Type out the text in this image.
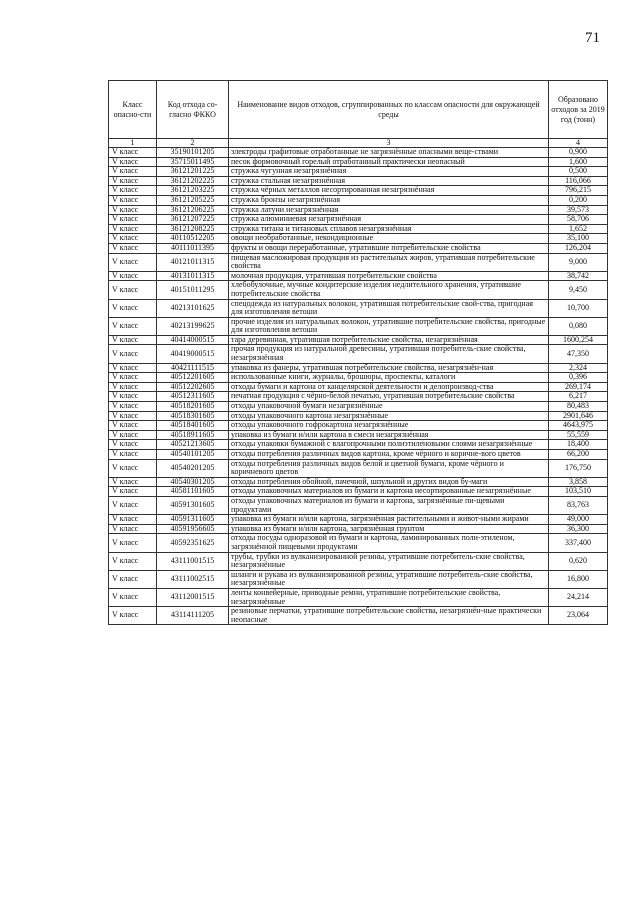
71
Класс опасно-сти	Код отхода со-гласно ФККО	Наименование видов отходов, сгруппированных по классам опасности для окружающей среды	Образовано отходов за 2019 год (тонн)
1	2	3	4
V класс	35190101205	электроды графитовые отработанные не загрязнённые опасными веще-ствами	0,900
V класс	35715011495	песок формовочный горелый отработанный практически неопасный	1,600
V класс	36121201225	стружка чугунная незагрязнённая	0,500
V класс	36121202225	стружка стальная незагрязнённая	116,066
V класс	36121203225	стружка чёрных металлов несортированная незагрязнённая	796,215
V класс	36121205225	стружка бронзы незагрязнённая	0,200
V класс	36121206225	стружка латуни незагрязнённая	39,573
V класс	36121207225	стружка алюминиевая незагрязнённая	58,706
V класс	36121208225	стружка титана и титановых сплавов незагрязнённая	1,652
V класс	40110512205	овощи необработанные, некондиционные	35,100
V класс	40111011395	фрукты и овощи переработанные, утратившие потребительские свойства	126,204
V класс	40121011315	пищевая масложировая продукция из растительных жиров, утратившая потребительские свойства	9,000
V класс	40131011315	молочная продукция, утратившая потребительские свойства	38,742
V класс	40151011295	хлебобулочные, мучные кондитерские изделия недлительного хранения, утратившие потребительские свойства	9,450
V класс	40213101625	спецодежда из натуральных волокон, утратившая потребительские свой-ства, пригодная для изготовления ветоши	10,700
V класс	40213199625	прочие изделия из натуральных волокон, утратившие потребительские свойства, пригодные для изготовления ветоши	0,080
V класс	40414000515	тара деревянная, утратившая потребительские свойства, незагрязнённая	1600,254
V класс	40419000515	прочая продукция из натуральной древесины, утратившая потребитель-ские свойства, незагрязнённая	47,350
V класс	40421111515	упаковка из фанеры, утратившая потребительские свойства, незагрязнён-ная	2,324
V класс	40512201605	использованные книги, журналы, брошюры, проспекты, каталоги	0,396
V класс	40512202605	отходы бумаги и картона от канцелярской деятельности и делопроизвод-ства	269,174
V класс	40512311605	печатная продукция с чёрно-белой печатью, утратившая потребительские свойства	6,217
V класс	40518201605	отходы упаковочной бумаги незагрязнённые	80,483
V класс	40518301605	отходы упаковочного картона незагрязнённые	2901,646
V класс	40518401605	отходы упаковочного гофрокартона незагрязнённые	4643,975
V класс	40518911605	упаковка из бумаги и/или картона в смеси незагрязнённая	55,559
V класс	40521213605	отходы упаковки бумажной с влагопрочными полиэтиленовыми слоями незагрязнённые	18,400
V класс	40540101205	отходы потребления различных видов картона, кроме чёрного и коричне-вого цветов	66,200
V класс	40540201205	отходы потребления различных видов белой и цветной бумаги, кроме чёрного и коричневого цветов	176,750
V класс	40540301205	отходы потребления обойной, пачечной, шпульной и других видов бу-маги	3,858
V класс	40581101605	отходы упаковочных материалов из бумаги и картона несортированные незагрязнённые	103,510
V класс	40591301605	отходы упаковочных материалов из бумаги и картона, загрязнённые пи-щевыми продуктами	83,763
V класс	40591311605	упаковка из бумаги и/или картона, загрязнённая растительными и живот-ными жирами	49,000
V класс	40591956605	упаковка из бумаги и/или картона, загрязнённая грунтом	36,300
V класс	40592351625	отходы посуды одноразовой из бумаги и картона, ламинированных поли-этиленом, загрязнённой пищевыми продуктами	337,400
V класс	43111001515	трубы, трубки из вулканизированной резины, утратившие потребитель-ские свойства, незагрязнённые	0,620
V класс	43111002515	шланги и рукава из вулканизированной резины, утратившие потребитель-ские свойства, незагрязнённые	16,800
V класс	43112001515	ленты конвейерные, приводные ремни, утратившие потребительские свойства, незагрязнённые	24,214
V класс	43114111205	резиновые перчатки, утратившие потребительские свойства, незагрязнён-ные практически неопасные	23,064
